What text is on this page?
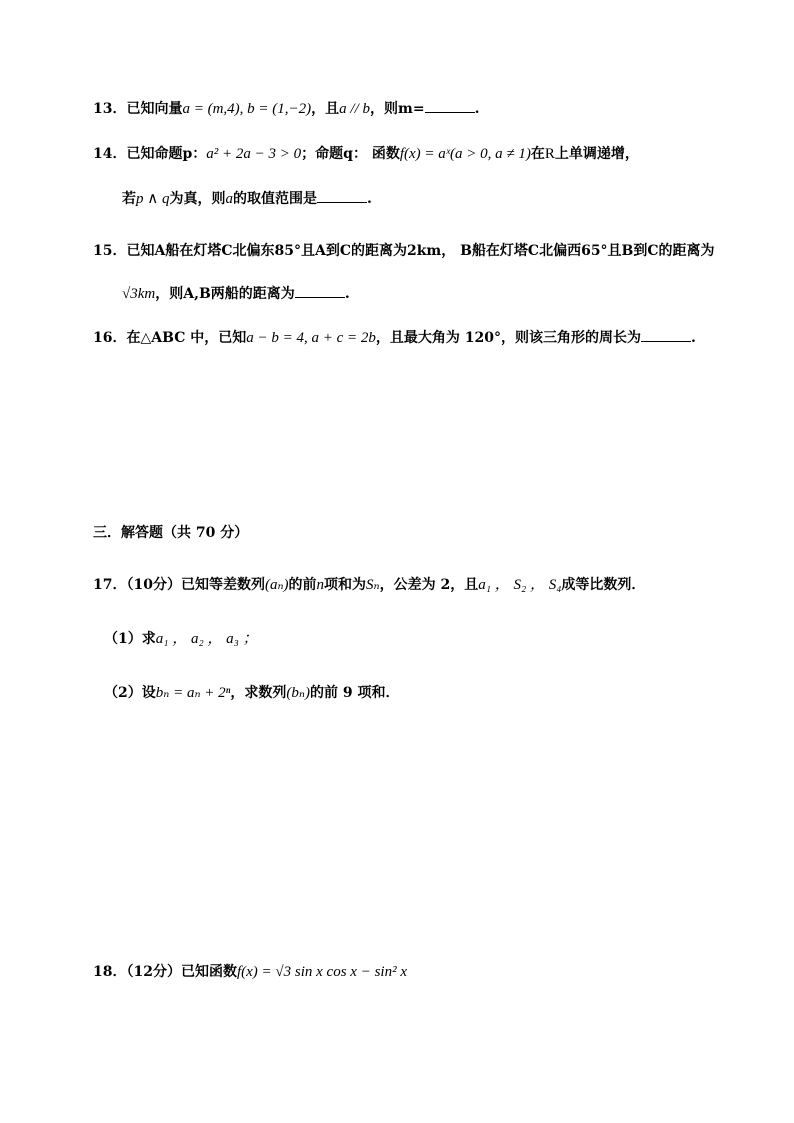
13．已知向量a = (m,4), b = (1,−2)，且a // b，则m=	.
14．已知命题p：a² + 2a − 3 > 0；命题q： 函数f(x) = aˣ(a > 0, a ≠ 1)在R上单调递增，
若p ∧ q为真，则a的取值范围是	.
15．已知A船在灯塔C北偏东85°且A到C的距离为2km， B船在灯塔C北偏西65°且B到C的距离为
√3km，则A,B两船的距离为	.
16．在△ABC 中，已知a − b = 4, a + c = 2b，且最大角为 120°，则该三角形的周长为	.
三．解答题（共 70 分）
17．（10分）已知等差数列(aₙ)的前n项和为Sₙ，公差为 2，且a₁ ， S₂ ， S₄成等比数列．
（1）求a₁ ， a₂ ， a₃ ；
（2）设bₙ = aₙ + 2ⁿ，求数列(bₙ)的前 9 项和．
18．（12分）已知函数f(x) = √3 sin x cos x − sin² x
